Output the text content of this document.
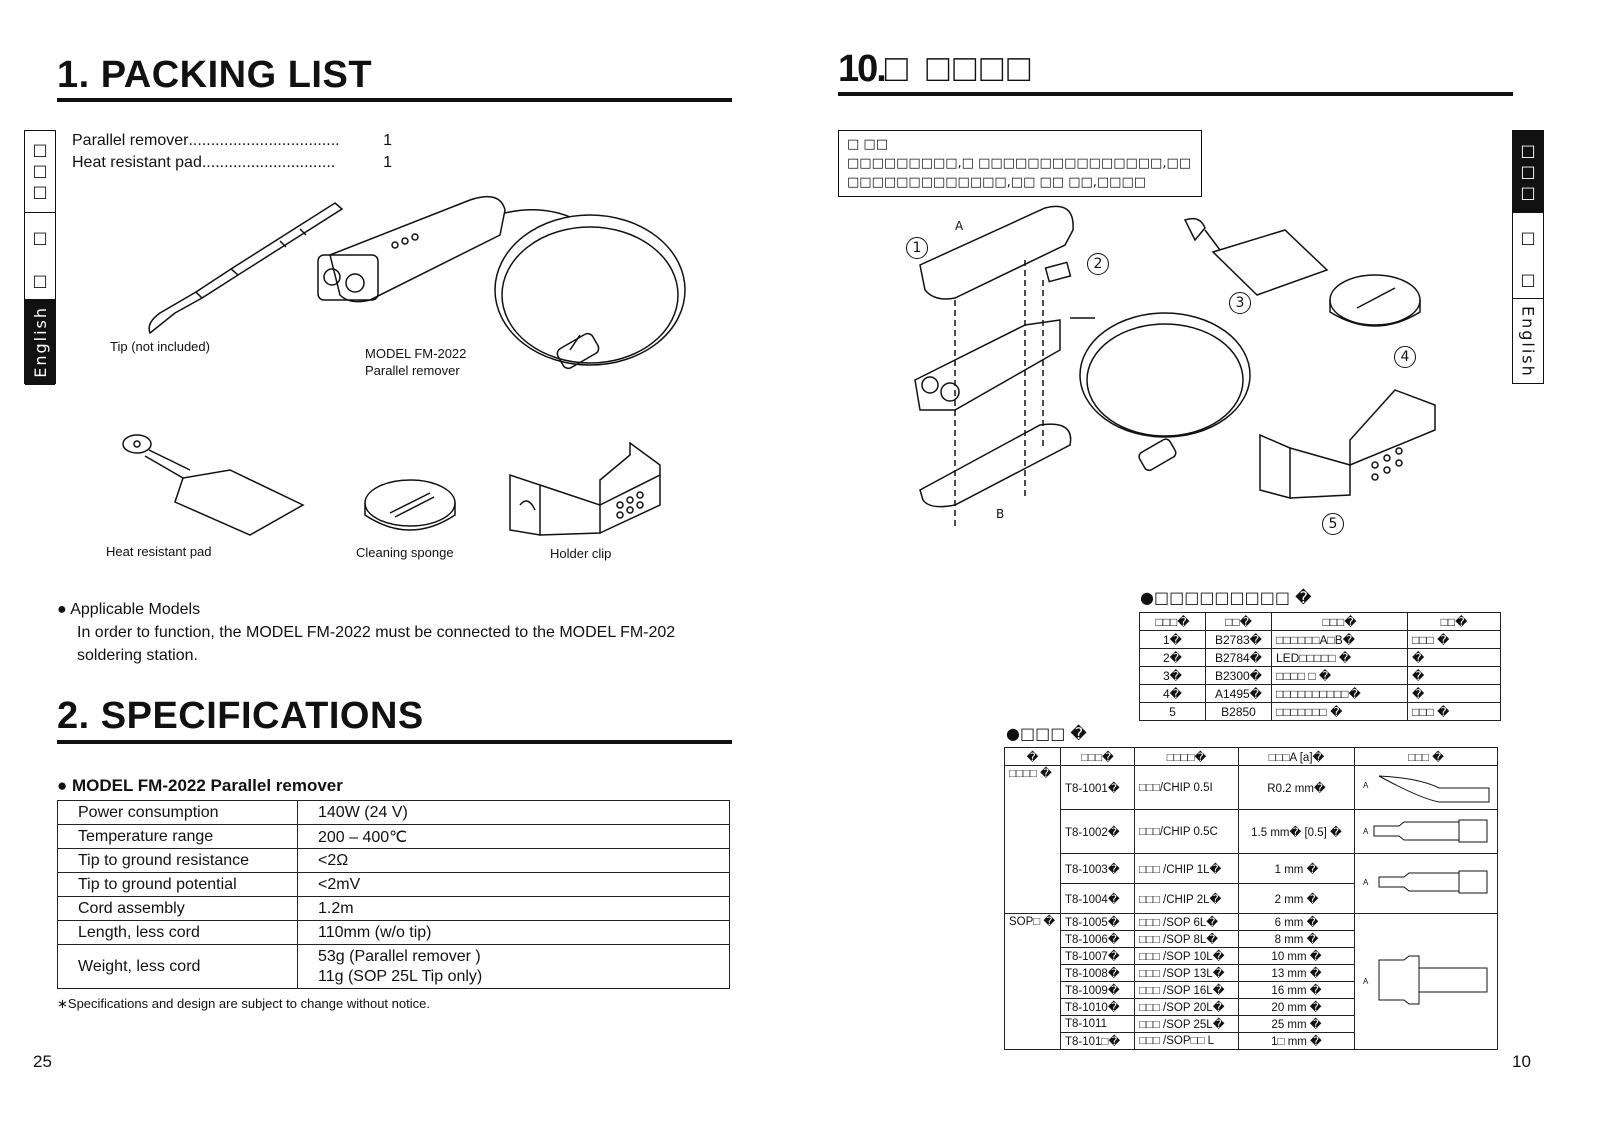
1. PACKING LIST
□□□
□
□
English
Parallel remover ..................................	1
Heat resistant pad ..............................	1
Tip (not included)	MODEL FM-2022
Parallel remover
Heat resistant pad	Cleaning sponge	Holder clip
● Applicable Models
In order to function, the MODEL FM-2022 must be connected to the MODEL FM-202
soldering station.
2. SPECIFICATIONS
● MODEL FM-2022 Parallel remover
Power consumption	140W (24 V)
Temperature range	200 – 400℃
Tip to ground resistance	<2Ω
Tip to ground potential	<2mV
Cord assembly	1.2m
Length, less cord	110mm (w/o tip)
Weight, less cord	53g (Parallel remover )
11g (SOP 25L Tip only)
∗Specifications and design are subject to change without notice.
25
10.□ □□□□
□ □□
□□□□□□□□□,□ □□□□□□□□□□□□□□□,□□
□□□□□□□□□□□□□,□□ □□ □□,□□□□	□□□
□
□
English
A
B
1
2
3
4
5
●□□□□□□□□□ �
□□□�	□□�	□□□�	□□�
1�	B2783�	□□□□□□A□B�	□□□ �
2�	B2784�	LED□□□□□ �	�
3�	B2300�	□□□□ □ �	�
4�	A1495�	□□□□□□□□□□�	�
5	B2850	□□□□□□□ �	□□□ �
●□□□ �
�	□□□�	□□□□�	□□□A [a]�	□□□ �
□□□□ �	T8-1001�	□□□/CHIP 0.5I	R0.2 mm�	A

	T8-1002�	□□□/CHIP 0.5C	1.5 mm� [0.5] �	A

	T8-1003�	□□□ /CHIP 1L�	1 mm �	A

	T8-1004�	□□□ /CHIP 2L�	2 mm �	
SOP□ �	T8-1005�	□□□ /SOP 6L�	6 mm �	A

	T8-1006�	□□□ /SOP 8L�	8 mm �	
	T8-1007�	□□□ /SOP 10L�	10 mm �	
	T8-1008�	□□□ /SOP 13L�	13 mm �	
	T8-1009�	□□□ /SOP 16L�	16 mm �	
	T8-1010�	□□□ /SOP 20L�	20 mm �	
	T8-1011	□□□ /SOP 25L�	25 mm �	
	T8-101□�	□□□ /SOP□□ L	1□ mm �	
10
